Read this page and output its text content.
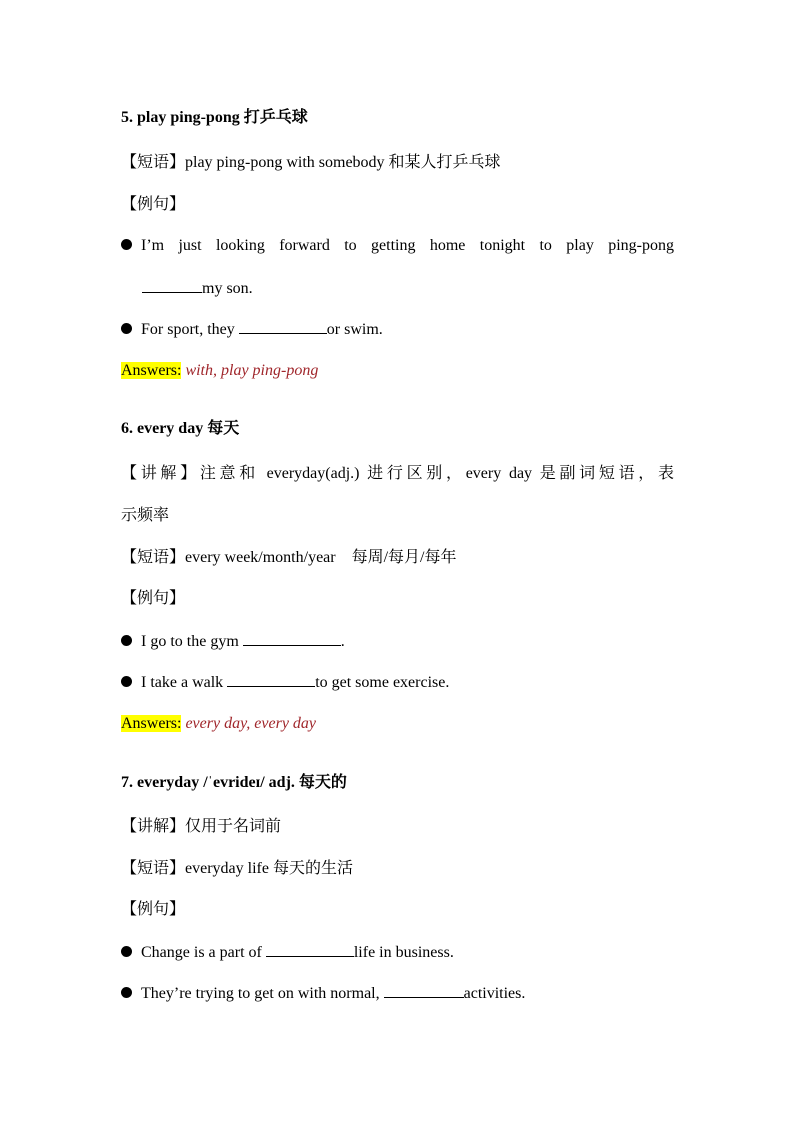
5. play ping-pong 打乒乓球
【短语】play ping-pong with somebody 和某人打乒乓球
【例句】
I’m just looking forward to getting home tonight to play ping-pong
my son.
For sport, they	or swim.
Answers: with, play ping-pong
6. every day 每天
【讲解】注意和 everyday(adj.) 进行区别，every day 是副词短语，表
示频率
【短语】every week/month/year    每周/每月/每年
【例句】
I go to the gym	.
I take a walk	to get some exercise.
Answers: every day, every day
7. everyday /ˈevrideɪ/ adj. 每天的
【讲解】仅用于名词前
【短语】everyday life 每天的生活
【例句】
Change is a part of	life in business.
They’re trying to get on with normal,	activities.
